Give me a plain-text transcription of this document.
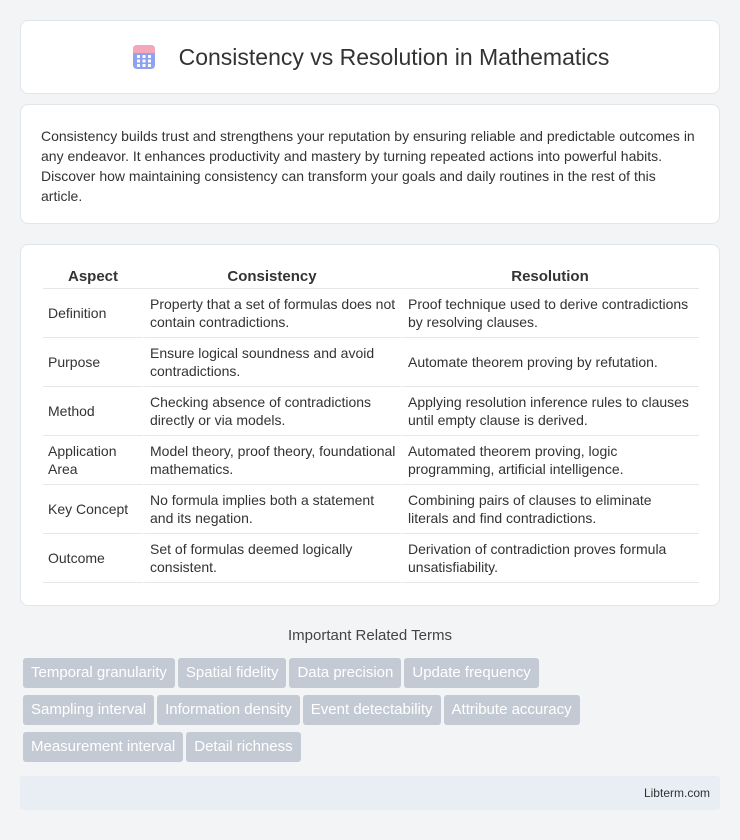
Consistency vs Resolution in Mathematics

Consistency builds trust and strengthens your reputation by ensuring reliable and predictable outcomes in any endeavor. It enhances productivity and mastery by turning repeated actions into powerful habits. Discover how maintaining consistency can transform your goals and daily routines in the rest of this article.

Aspect	Consistency	Resolution
Definition	Property that a set of formulas does not contain contradictions.	Proof technique used to derive contradictions by resolving clauses.
Purpose	Ensure logical soundness and avoid contradictions.	Automate theorem proving by refutation.
Method	Checking absence of contradictions directly or via models.	Applying resolution inference rules to clauses until empty clause is derived.
Application Area	Model theory, proof theory, foundational mathematics.	Automated theorem proving, logic programming, artificial intelligence.
Key Concept	No formula implies both a statement and its negation.	Combining pairs of clauses to eliminate literals and find contradictions.
Outcome	Set of formulas deemed logically consistent.	Derivation of contradiction proves formula unsatisfiability.
Important Related Terms
Temporal granularity Spatial fidelity Data precision Update frequency
Sampling interval Information density Event detectability Attribute accuracy
Measurement interval Detail richness
Libterm.com
